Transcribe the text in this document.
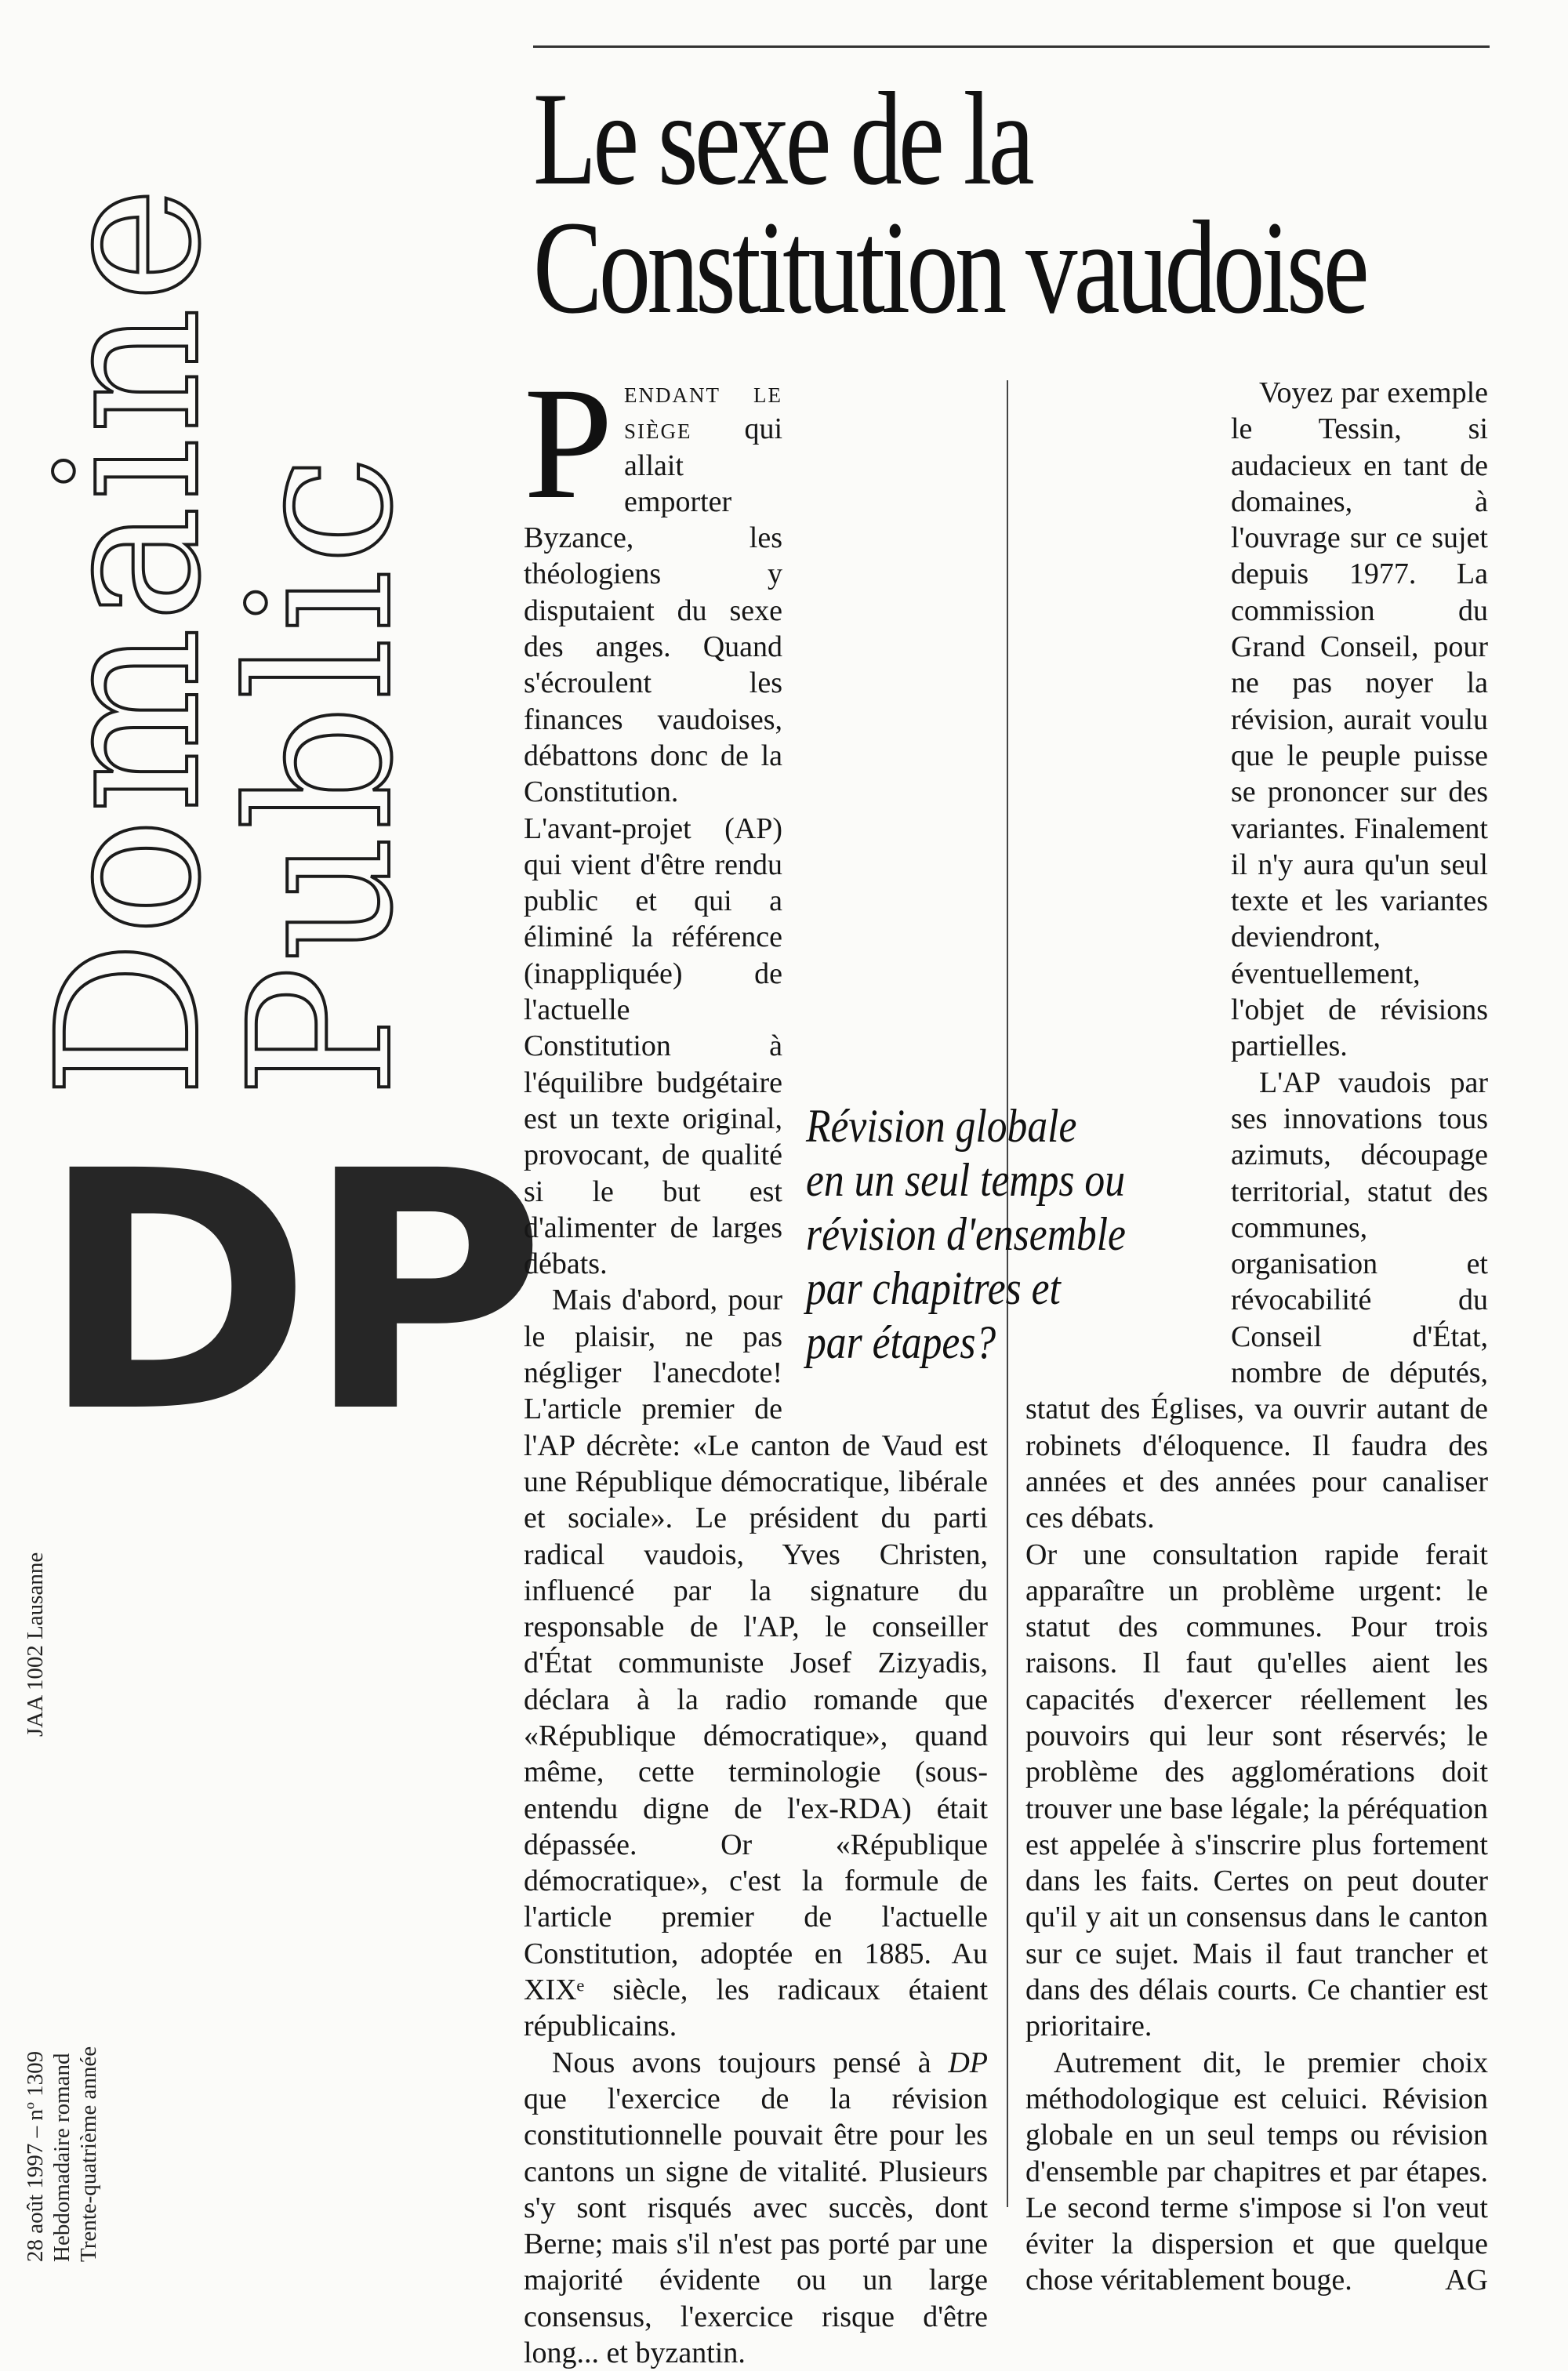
Domaine
Public
DP
28 août 1997 – nº 1309 Hebdomadaire romand Trente-quatrième année
JAA 1002 Lausanne
Le sexe de la
Constitution vaudoise

Pendant le siège qui allait emporter Byzance, les théologiens y disputaient du sexe des anges. Quand s'écroulent les finances vaudoises, débattons donc de la Constitution. L'avant-projet (AP) qui vient d'être rendu public et qui a éliminé la référence (inappliquée) de l'actuelle Constitution à l'équilibre budgétaire est un texte original, provocant, de qualité si le but est d'alimenter de larges débats.

Mais d'abord, pour le plaisir, ne pas négliger l'anecdote! L'article premier de l'AP décrète: «Le canton de Vaud est une République démocratique, libérale et sociale». Le président du parti radical vaudois, Yves Christen, influencé par la signature du responsable de l'AP, le conseiller d'État communiste Josef Zizyadis, déclara à la radio romande que «République démocratique», quand même, cette terminologie (sous-entendu digne de l'ex-RDA) était dépassée. Or «République démocratique», c'est la formule de l'article premier de l'actuelle Constitution, adoptée en 1885. Au XIXᵉ siècle, les radicaux étaient républicains.

Nous avons toujours pensé à DP que l'exercice de la révision constitutionnelle pouvait être pour les cantons un signe de vitalité. Plusieurs s'y sont risqués avec succès, dont Berne; mais s'il n'est pas porté par une majorité évidente ou un large consensus, l'exercice risque d'être long... et byzantin.

Voyez par exemple le Tessin, si audacieux en tant de domaines, à l'ouvrage sur ce sujet depuis 1977. La commission du Grand Conseil, pour ne pas noyer la révision, aurait voulu que le peuple puisse se prononcer sur des variantes. Finalement il n'y aura qu'un seul texte et les variantes deviendront, éventuellement, l'objet de révisions partielles.

L'AP vaudois par ses innovations tous azimuts, découpage territorial, statut des communes, organisation et révocabilité du Conseil d'État, nombre de députés, statut des Églises, va ouvrir autant de robinets d'éloquence. Il faudra des années et des années pour canaliser ces débats.

Or une consultation rapide ferait apparaître un problème urgent: le statut des communes. Pour trois raisons. Il faut qu'elles aient les capacités d'exercer réellement les pouvoirs qui leur sont réservés; le problème des agglomérations doit trouver une base légale; la péréquation est appelée à s'inscrire plus fortement dans les faits. Certes on peut douter qu'il y ait un consensus dans le canton sur ce sujet. Mais il faut trancher et dans des délais courts. Ce chantier est prioritaire.

Autrement dit, le premier choix méthodologique est celuici. Révision globale en un seul temps ou révision d'ensemble par chapitres et par étapes. Le second terme s'impose si l'on veut éviter la dispersion et que quelque chose véritablement bouge.	AG

Révision globale
en un seul temps ou
révision d'ensemble
par chapitres et
par étapes?
